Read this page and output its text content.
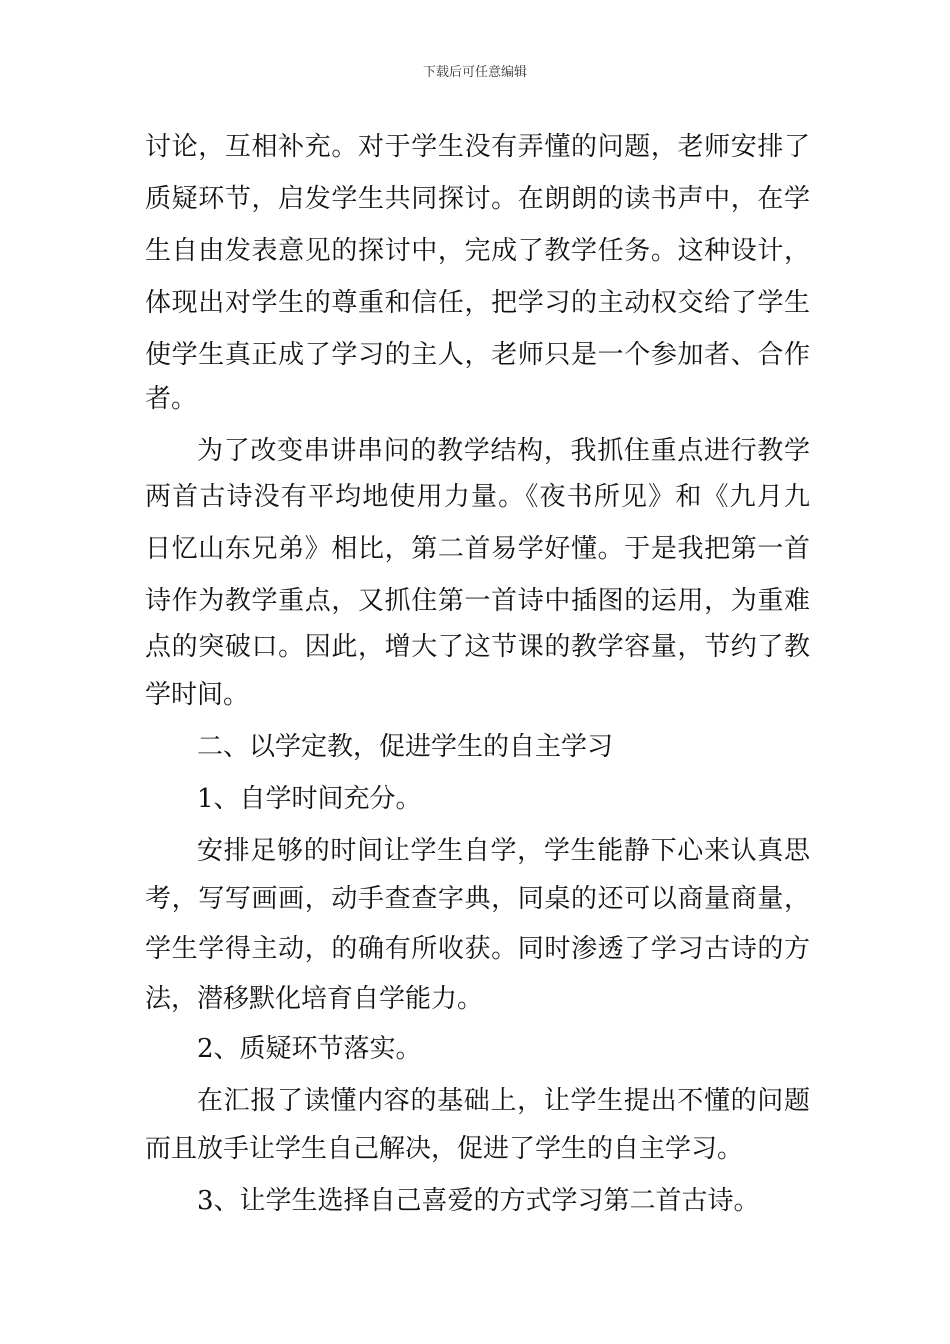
下载后可任意编辑
讨论，互相补充。对于学生没有弄懂的问题，老师安排了
质疑环节，启发学生共同探讨。在朗朗的读书声中，在学
生自由发表意见的探讨中，完成了教学任务。这种设计，
体现出对学生的尊重和信任，把学习的主动权交给了学生
使学生真正成了学习的主人，老师只是一个参加者、合作
者。
为了改变串讲串问的教学结构，我抓住重点进行教学
两首古诗没有平均地使用力量。《夜书所见》和《九月九
日忆山东兄弟》相比，第二首易学好懂。于是我把第一首
诗作为教学重点，又抓住第一首诗中插图的运用，为重难
点的突破口。因此，增大了这节课的教学容量，节约了教
学时间。
二、以学定教，促进学生的自主学习
1、自学时间充分。
安排足够的时间让学生自学，学生能静下心来认真思
考，写写画画，动手查查字典，同桌的还可以商量商量，
学生学得主动，的确有所收获。同时渗透了学习古诗的方
法，潜移默化培育自学能力。
2、质疑环节落实。
在汇报了读懂内容的基础上，让学生提出不懂的问题
而且放手让学生自己解决，促进了学生的自主学习。
3、让学生选择自己喜爱的方式学习第二首古诗。
